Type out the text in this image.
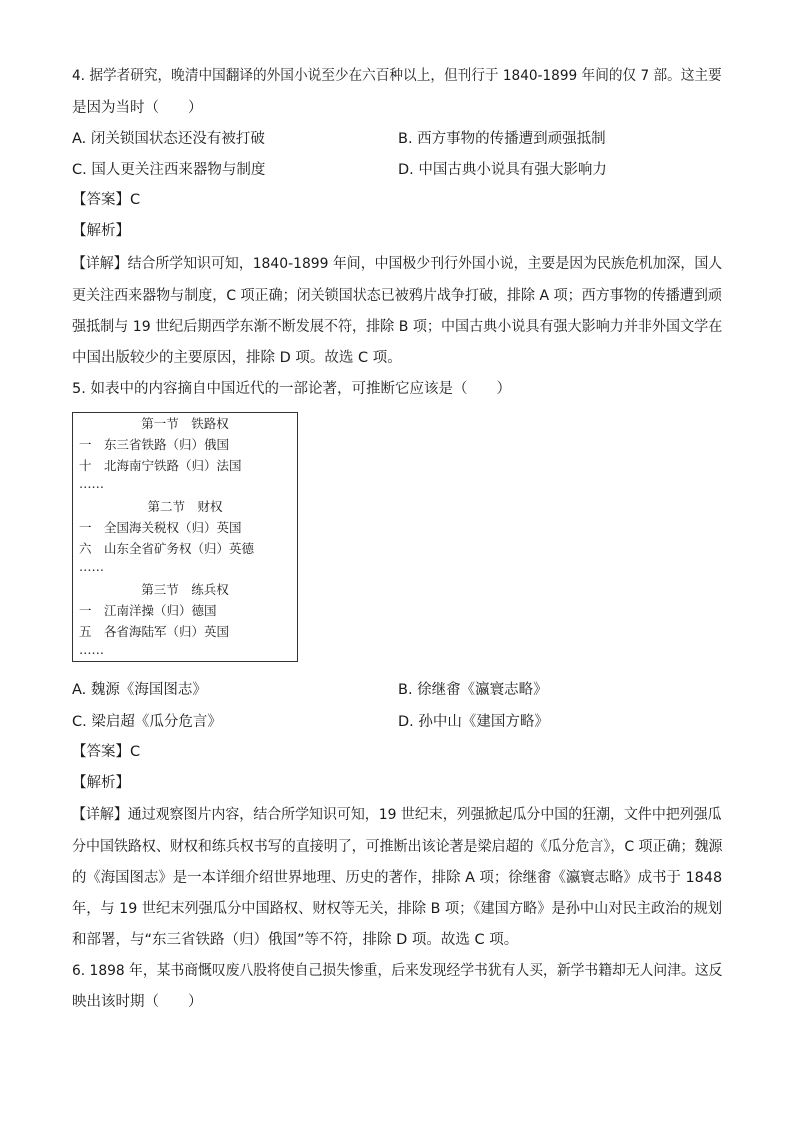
4. 据学者研究，晚清中国翻译的外国小说至少在六百种以上，但刊行于 1840-1899 年间的仅 7 部。这主要
是因为当时（　　）
A. 闭关锁国状态还没有被打破	B. 西方事物的传播遭到顽强抵制
C. 国人更关注西来器物与制度	D. 中国古典小说具有强大影响力
【答案】C
【解析】
【详解】结合所学知识可知，1840-1899 年间，中国极少刊行外国小说，主要是因为民族危机加深，国人
更关注西来器物与制度，C 项正确；闭关锁国状态已被鸦片战争打破，排除 A 项；西方事物的传播遭到顽
强抵制与 19 世纪后期西学东渐不断发展不符，排除 B 项；中国古典小说具有强大影响力并非外国文学在
中国出版较少的主要原因，排除 D 项。故选 C 项。
5. 如表中的内容摘自中国近代的一部论著，可推断它应该是（　　）
第一节　铁路权
一　东三省铁路（归）俄国
十　北海南宁铁路（归）法国
……
第二节　财权
一　全国海关税权（归）英国
六　山东全省矿务权（归）英德
……
第三节　练兵权
一　江南洋操（归）德国
五　各省海陆军（归）英国
……
A. 魏源《海国图志》	B. 徐继畬《瀛寰志略》
C. 梁启超《瓜分危言》	D. 孙中山《建国方略》
【答案】C
【解析】
【详解】通过观察图片内容，结合所学知识可知，19 世纪末，列强掀起瓜分中国的狂潮，文件中把列强瓜
分中国铁路权、财权和练兵权书写的直接明了，可推断出该论著是梁启超的《瓜分危言》，C 项正确；魏源
的《海国图志》是一本详细介绍世界地理、历史的著作，排除 A 项；徐继畬《瀛寰志略》成书于 1848
年，与 19 世纪末列强瓜分中国路权、财权等无关，排除 B 项；《建国方略》是孙中山对民主政治的规划
和部署，与“东三省铁路（归）俄国”等不符，排除 D 项。故选 C 项。
6. 1898 年，某书商慨叹废八股将使自己损失惨重，后来发现经学书犹有人买，新学书籍却无人问津。这反
映出该时期（　　）
